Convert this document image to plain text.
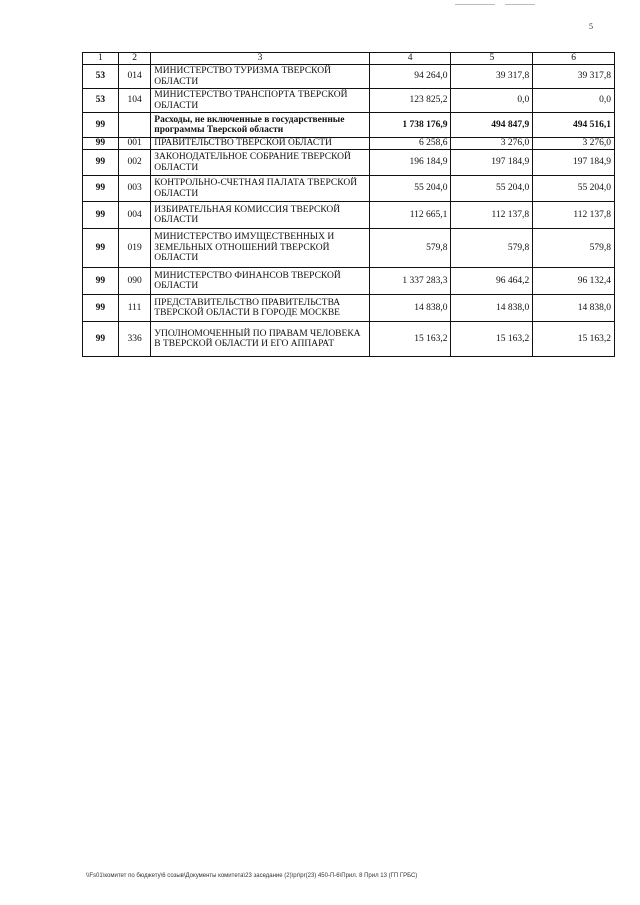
5
1	2	3	4	5	6
53	014	МИНИСТЕРСТВО ТУРИЗМА ТВЕРСКОЙ ОБЛАСТИ	94 264,0	39 317,8	39 317,8
53	104	МИНИСТЕРСТВО ТРАНСПОРТА ТВЕРСКОЙ ОБЛАСТИ	123 825,2	0,0	0,0
99		Расходы, не включенные в государственные программы Тверской области	1 738 176,9	494 847,9	494 516,1
99	001	ПРАВИТЕЛЬСТВО ТВЕРСКОЙ ОБЛАСТИ	6 258,6	3 276,0	3 276,0
99	002	ЗАКОНОДАТЕЛЬНОЕ СОБРАНИЕ ТВЕРСКОЙ ОБЛАСТИ	196 184,9	197 184,9	197 184,9
99	003	КОНТРОЛЬНО-СЧЕТНАЯ ПАЛАТА ТВЕРСКОЙ ОБЛАСТИ	55 204,0	55 204,0	55 204,0
99	004	ИЗБИРАТЕЛЬНАЯ КОМИССИЯ ТВЕРСКОЙ ОБЛАСТИ	112 665,1	112 137,8	112 137,8
99	019	МИНИСТЕРСТВО ИМУЩЕСТВЕННЫХ И ЗЕМЕЛЬНЫХ ОТНОШЕНИЙ ТВЕРСКОЙ ОБЛАСТИ	579,8	579,8	579,8
99	090	МИНИСТЕРСТВО ФИНАНСОВ ТВЕРСКОЙ ОБЛАСТИ	1 337 283,3	96 464,2	96 132,4
99	111	ПРЕДСТАВИТЕЛЬСТВО ПРАВИТЕЛЬСТВА ТВЕРСКОЙ ОБЛАСТИ В ГОРОДЕ МОСКВЕ	14 838,0	14 838,0	14 838,0
99	336	УПОЛНОМОЧЕННЫЙ ПО ПРАВАМ ЧЕЛОВЕКА В ТВЕРСКОЙ ОБЛАСТИ И ЕГО АППАРАТ	15 163,2	15 163,2	15 163,2
\\Fs01\комитет по бюджету\6 созыв\Документы комитета\23 заседание (2)\pr\pr(23) 450-П-6\Прил. 8 Прил 13 (ГП ГРБС)
